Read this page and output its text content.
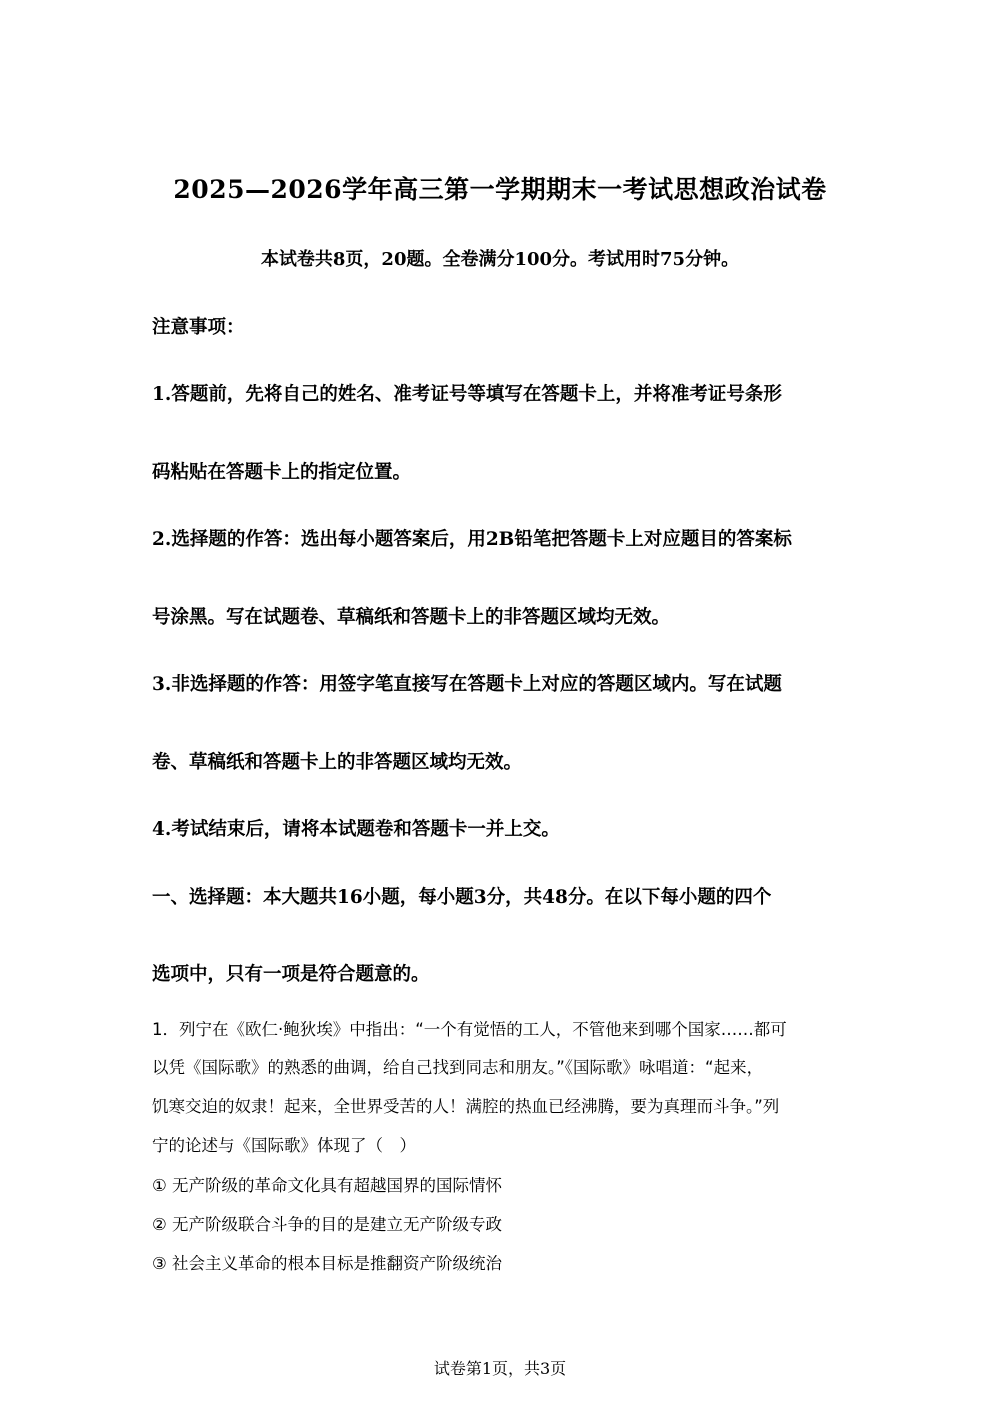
2025—2026学年高三第一学期期末一考试思想政治试卷
本试卷共8页，20题。全卷满分100分。考试用时75分钟。
注意事项：
1.答题前，先将自己的姓名、准考证号等填写在答题卡上，并将准考证号条形
码粘贴在答题卡上的指定位置。
2.选择题的作答：选出每小题答案后，用2B铅笔把答题卡上对应题目的答案标
号涂黑。写在试题卷、草稿纸和答题卡上的非答题区域均无效。
3.非选择题的作答：用签字笔直接写在答题卡上对应的答题区域内。写在试题
卷、草稿纸和答题卡上的非答题区域均无效。
4.考试结束后，请将本试题卷和答题卡一并上交。
一、选择题：本大题共16小题，每小题3分，共48分。在以下每小题的四个
选项中，只有一项是符合题意的。
1．列宁在《欧仁·鲍狄埃》中指出：“一个有觉悟的工人，不管他来到哪个国家……都可
以凭《国际歌》的熟悉的曲调，给自己找到同志和朋友。”《国际歌》咏唱道：“起来，
饥寒交迫的奴隶！起来，全世界受苦的人！满腔的热血已经沸腾，要为真理而斗争。”列
宁的论述与《国际歌》体现了（　）
① 无产阶级的革命文化具有超越国界的国际情怀
② 无产阶级联合斗争的目的是建立无产阶级专政
③ 社会主义革命的根本目标是推翻资产阶级统治
试卷第1页，共3页
